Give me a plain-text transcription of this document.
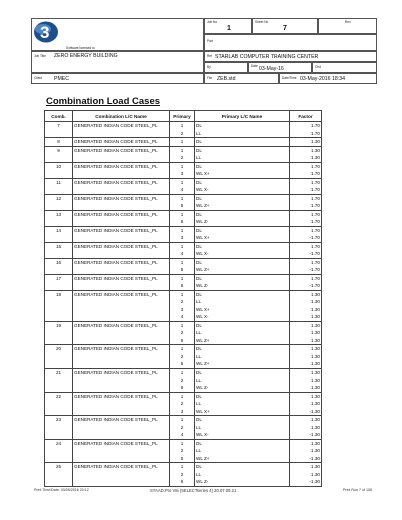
3
Software licensed to
Job No
1
Sheet No
7
Rev
Part
Job Title ZERO ENERGY BUILDING	Ref STARLAB COMPUTER TRAINING CENTER
By	Date 03-May-16	Chd
Client PMEC	File ZEB.std	Date/Time 03-May-2016 18:34
Combination Load Cases
Comb.	Combination L/C Name	Primary	Primary L/C Name	Factor
7	GENERATED INDIAN CODE STEEL_PL	1	DL	1.70
		2	LL	1.70
8	GENERATED INDIAN CODE STEEL_PL	1	DL	1.30
9	GENERATED INDIAN CODE STEEL_PL	1	DL	1.30
		2	LL	1.30
10	GENERATED INDIAN CODE STEEL_PL	1	DL	1.70
		3	WL X+	1.70
11	GENERATED INDIAN CODE STEEL_PL	1	DL	1.70
		4	WL X-	1.70
12	GENERATED INDIAN CODE STEEL_PL	1	DL	1.70
		5	WL Z+	1.70
13	GENERATED INDIAN CODE STEEL_PL	1	DL	1.70
		6	WL Z-	1.70
14	GENERATED INDIAN CODE STEEL_PL	1	DL	1.70
		3	WL X+	-1.70
15	GENERATED INDIAN CODE STEEL_PL	1	DL	1.70
		4	WL X-	-1.70
16	GENERATED INDIAN CODE STEEL_PL	1	DL	1.70
		5	WL Z+	-1.70
17	GENERATED INDIAN CODE STEEL_PL	1	DL	1.70
		6	WL Z-	-1.70
18	GENERATED INDIAN CODE STEEL_PL	1	DL	1.30
		2	LL	1.30
		3	WL X+	1.30
		4	WL X-	1.30
19	GENERATED INDIAN CODE STEEL_PL	1	DL	1.30
		2	LL	1.30
		5	WL Z+	1.30
20	GENERATED INDIAN CODE STEEL_PL	1	DL	1.30
		2	LL	1.30
		5	WL Z+	1.30
21	GENERATED INDIAN CODE STEEL_PL	1	DL	1.30
		2	LL	1.30
		6	WL Z-	1.30
22	GENERATED INDIAN CODE STEEL_PL	1	DL	1.30
		2	LL	1.30
		3	WL X+	-1.30
23	GENERATED INDIAN CODE STEEL_PL	1	DL	1.30
		2	LL	1.30
		4	WL X-	-1.30
24	GENERATED INDIAN CODE STEEL_PL	1	DL	1.30
		2	LL	1.30
		5	WL Z+	-1.30
25	GENERATED INDIAN CODE STEEL_PL	1	DL	1.30
		2	LL	1.30
		6	WL Z-	-1.30
Print Time/Date: 03/05/2016 20:12	STAAD.Pro V8i (SELECTseries 4) 20.07.09.21	Print Run 7 of 108
